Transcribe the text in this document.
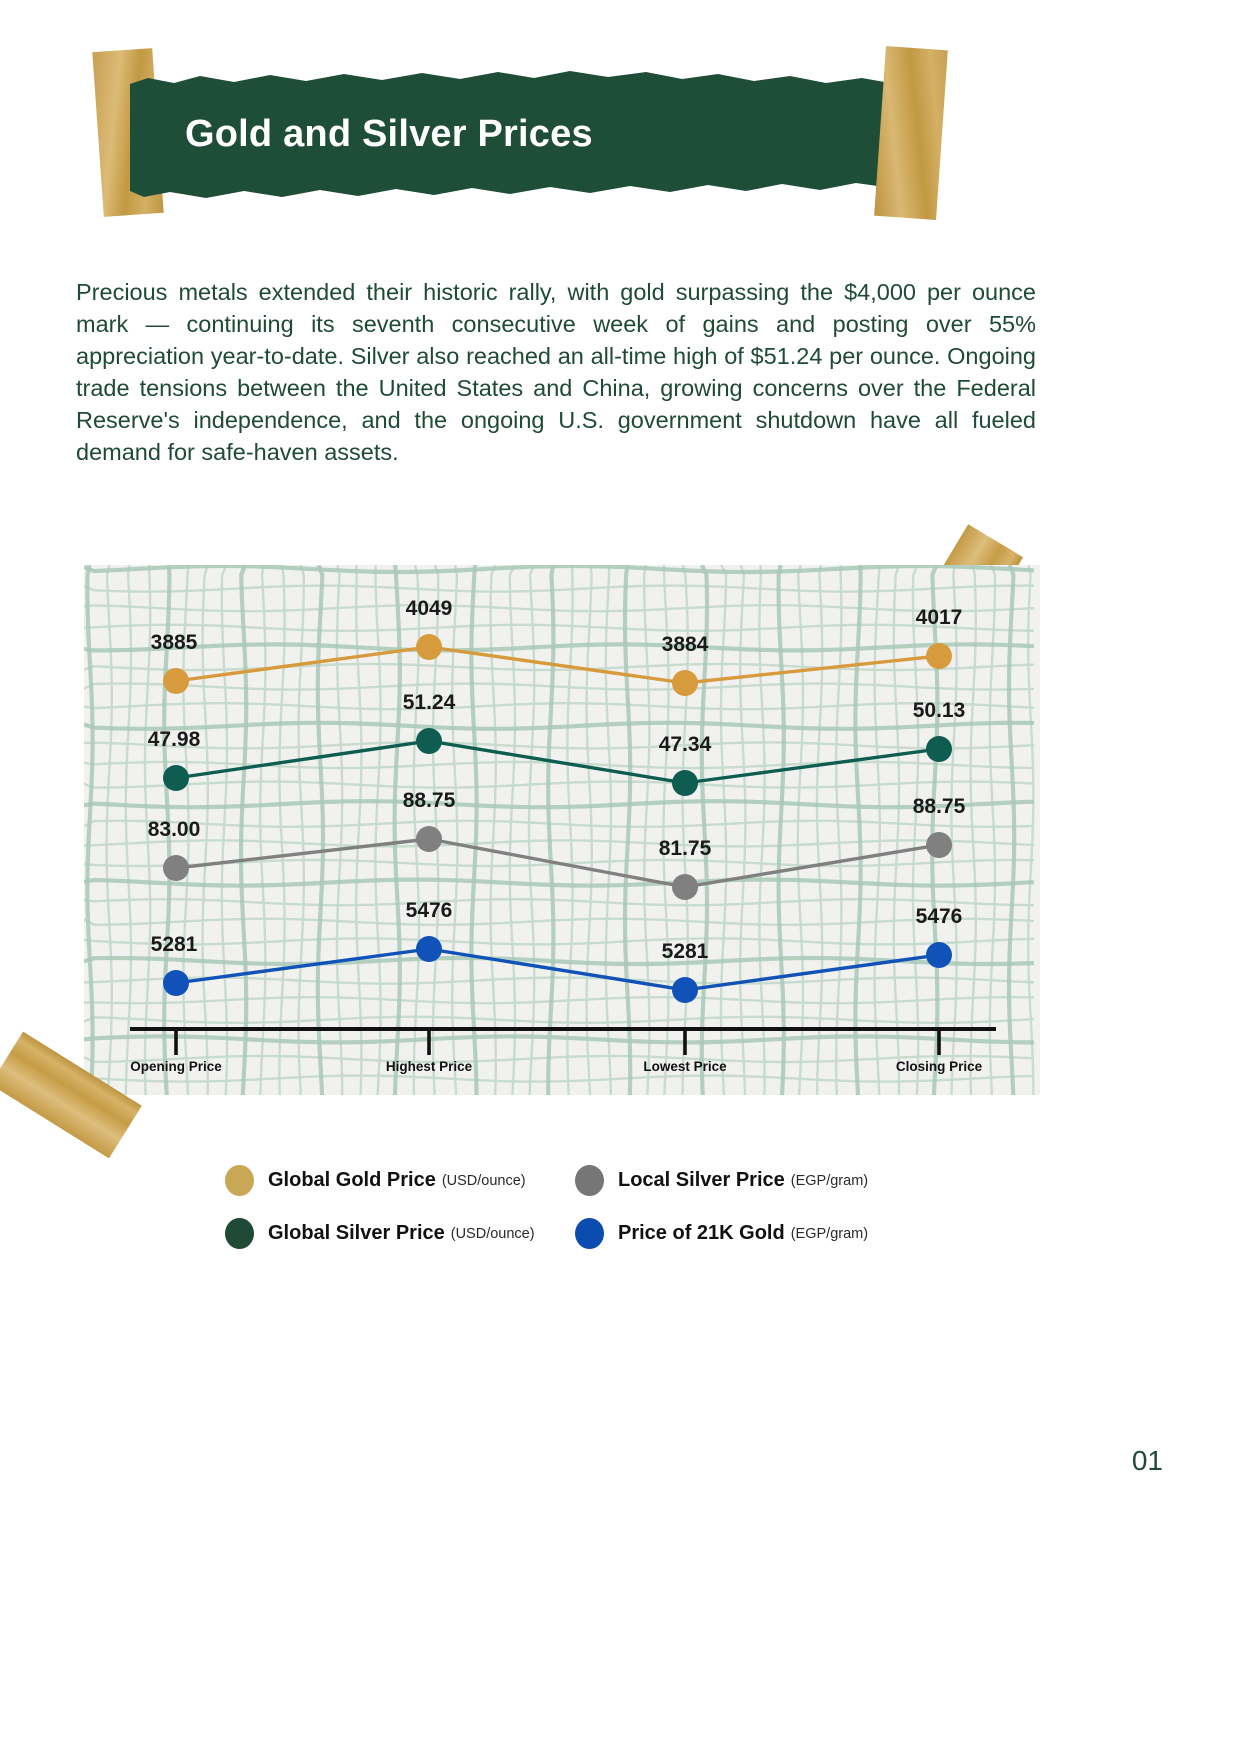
Gold and Silver Prices

Precious metals extended their historic rally, with gold surpassing the $4,000 per ounce mark — continuing its seventh consecutive week of gains and posting over 55% appreciation year-to-date. Silver also reached an all-time high of $51.24 per ounce. Ongoing trade tensions between the United States and China, growing concerns over the Federal Reserve's independence, and the ongoing U.S. government shutdown have all fueled demand for safe-haven assets.

3885
4049
3884
4017
47.98
51.24
47.34
50.13
83.00
88.75
81.75
88.75
5281
5476
5281
5476
Opening Price	Highest Price	Lowest Price	Closing Price
Global Gold Price (USD/ounce)	Local Silver Price (EGP/gram)
Global Silver Price (USD/ounce)	Price of 21K Gold (EGP/gram)
01
